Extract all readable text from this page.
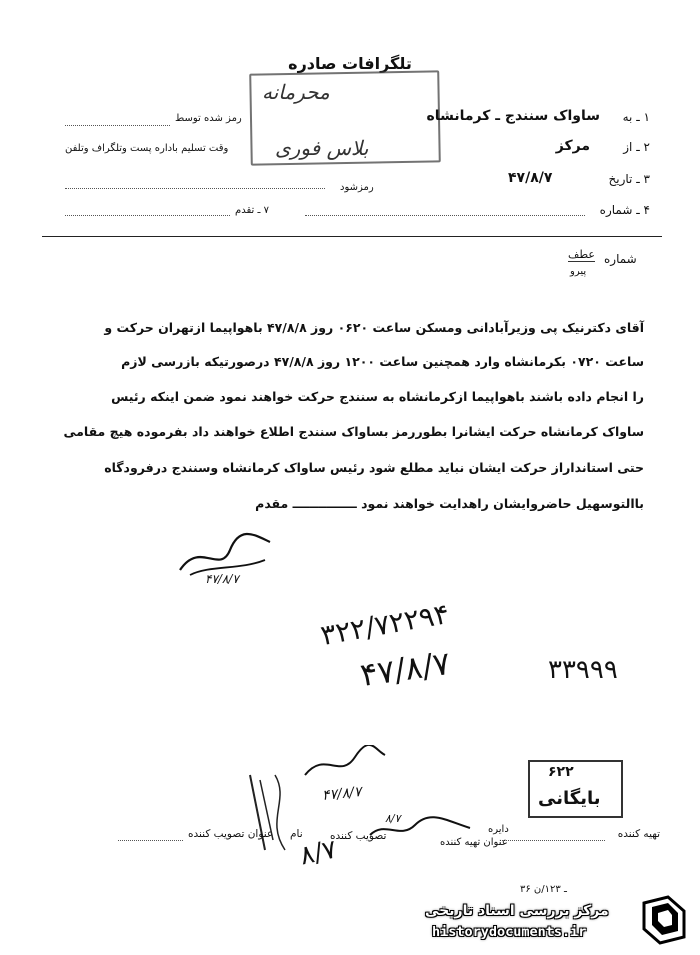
تلگرافات صادره
محرمانه
بلاس فوری
۱ ـ به
ساواک سنندج ـ کرمانشاه
رمز شده توسط
۲ ـ از
مرکز
وقت تسلیم باداره پست وتلگراف وتلفن
۳ ـ تاریخ
۴۷/۸/۷
رمزشود
۴ ـ شماره
۷ ـ تقدم
شماره
عطف
پیرو
آقای دکترنیک پی وزیرآبادانی ومسکن ساعت ۰۶۲۰ روز ۴۷/۸/۸ باهواپیما ازتهران حرکت و
ساعت ۰۷۲۰ بکرمانشاه وارد همچنین ساعت ۱۲۰۰ روز ۴۷/۸/۸ درصورتیکه بازرسی لازم
را انجام داده باشند باهواپیما ازکرمانشاه به سنندج حرکت خواهند نمود ضمن اینکه رئیس
ساواک کرمانشاه حرکت ایشانرا بطوررمز بساواک سنندج اطلاع خواهند داد بفرموده هیچ مقامی
حتی استانداراز حرکت ایشان نباید مطلع شود رئیس ساواک کرمانشاه وسنندج درفرودگاه
باالتوسهیل حاضروایشان راهدایت خواهند نمود ـــــــــــــــ مقدم
۴۷/۸/۷
۳۲۲/۷۲۲۹۴
۴۷/۸/۷	۳۳۹۹۹
۴۷/۸/۷
۶۲۲
بایگانی
۸/۷
تهیه کننده
دایره
عنوان تهیه کننده
نام	تصویب کننده
عنوان تصویب کننده
۸/۷
۳۶ ـ ۱۲۳/ن
مرکز بررسی اسناد تاریخی
historydocuments.ir
